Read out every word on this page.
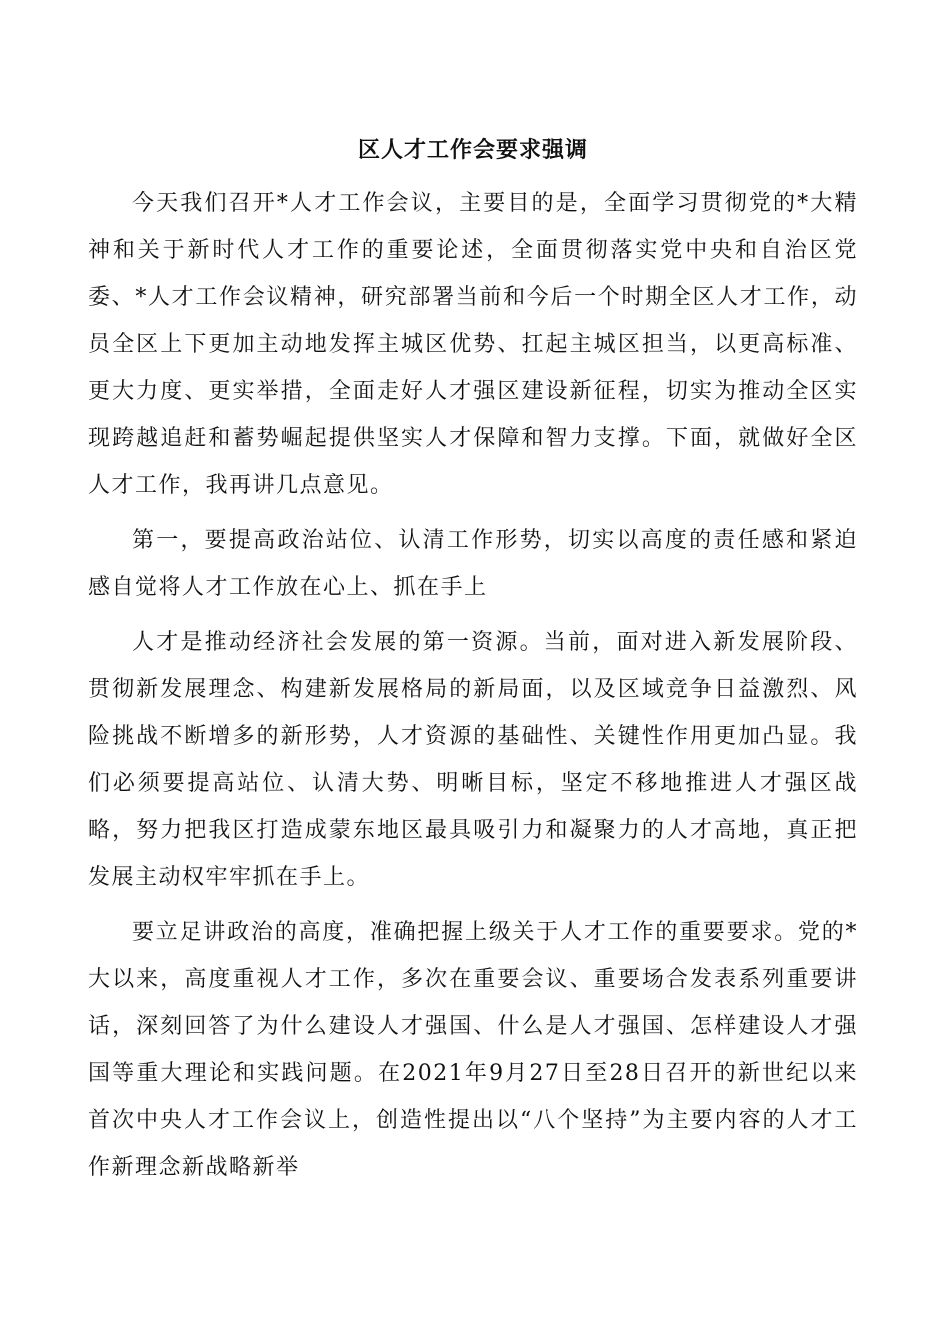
区人才工作会要求强调

今天我们召开*人才工作会议，主要目的是，全面学习贯彻党的*大精神和关于新时代人才工作的重要论述，全面贯彻落实党中央和自治区党委、*人才工作会议精神，研究部署当前和今后一个时期全区人才工作，动员全区上下更加主动地发挥主城区优势、扛起主城区担当，以更高标准、更大力度、更实举措，全面走好人才强区建设新征程，切实为推动全区实现跨越追赶和蓄势崛起提供坚实人才保障和智力支撑。下面，就做好全区人才工作，我再讲几点意见。

第一，要提高政治站位、认清工作形势，切实以高度的责任感和紧迫感自觉将人才工作放在心上、抓在手上

人才是推动经济社会发展的第一资源。当前，面对进入新发展阶段、贯彻新发展理念、构建新发展格局的新局面，以及区域竞争日益激烈、风险挑战不断增多的新形势，人才资源的基础性、关键性作用更加凸显。我们必须要提高站位、认清大势、明晰目标，坚定不移地推进人才强区战略，努力把我区打造成蒙东地区最具吸引力和凝聚力的人才高地，真正把发展主动权牢牢抓在手上。

要立足讲政治的高度，准确把握上级关于人才工作的重要要求。党的*大以来，高度重视人才工作，多次在重要会议、重要场合发表系列重要讲话，深刻回答了为什么建设人才强国、什么是人才强国、怎样建设人才强国等重大理论和实践问题。在2021年9月27日至28日召开的新世纪以来首次中央人才工作会议上，创造性提出以“八个坚持”为主要内容的人才工作新理念新战略新举
